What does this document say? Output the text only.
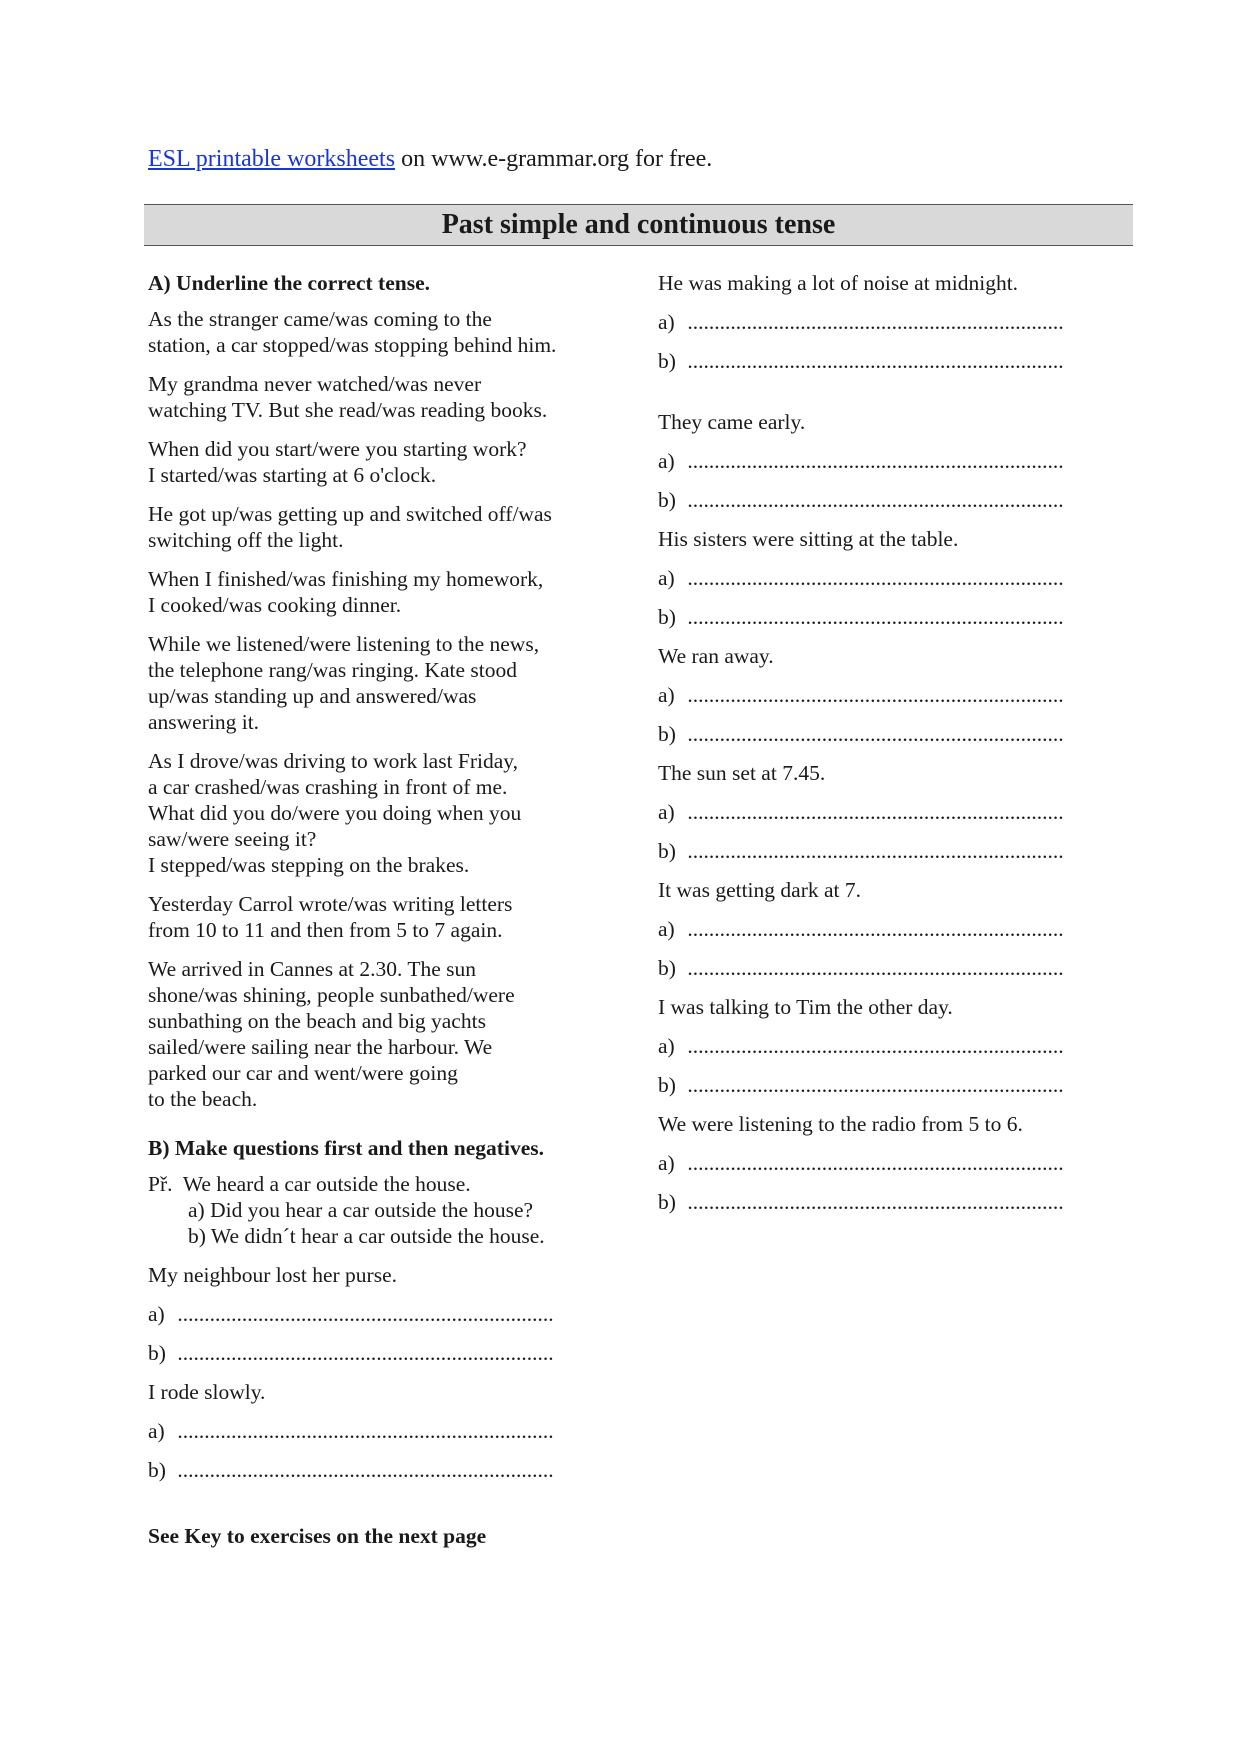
ESL printable worksheets on www.e-grammar.org for free.
Past simple and continuous tense

A) Underline the correct tense.

As the stranger came/was coming to the
station, a car stopped/was stopping behind him.

My grandma never watched/was never
watching TV. But she read/was reading books.

When did you start/were you starting work?
I started/was starting at 6 o'clock.

He got up/was getting up and switched off/was
switching off the light.

When I finished/was finishing my homework,
I cooked/was cooking dinner.

While we listened/were listening to the news,
the telephone rang/was ringing. Kate stood
up/was standing up and answered/was
answering it.

As I drove/was driving to work last Friday,
a car crashed/was crashing in front of me.
What did you do/were you doing when you
saw/were seeing it?
I stepped/was stepping on the brakes.

Yesterday Carrol wrote/was writing letters
from 10 to 11 and then from 5 to 7 again.

We arrived in Cannes at 2.30. The sun
shone/was shining, people sunbathed/were
sunbathing on the beach and big yachts
sailed/were sailing near the harbour. We
parked our car and went/were going
to the beach.

B) Make questions first and then negatives.

Př.  We heard a car outside the house.
a) Did you hear a car outside the house?
b) We didn´t hear a car outside the house.

My neighbour lost her purse.

a) ......................................................................

b) ......................................................................

I rode slowly.

a) ......................................................................

b) ......................................................................

See Key to exercises on the next page

He was making a lot of noise at midnight.

a) ......................................................................

b) ......................................................................

They came early.

a) ......................................................................

b) ......................................................................

His sisters were sitting at the table.

a) ......................................................................

b) ......................................................................

We ran away.

a) ......................................................................

b) ......................................................................

The sun set at 7.45.

a) ......................................................................

b) ......................................................................

It was getting dark at 7.

a) ......................................................................

b) ......................................................................

I was talking to Tim the other day.

a) ......................................................................

b) ......................................................................

We were listening to the radio from 5 to 6.

a) ......................................................................

b) ......................................................................
